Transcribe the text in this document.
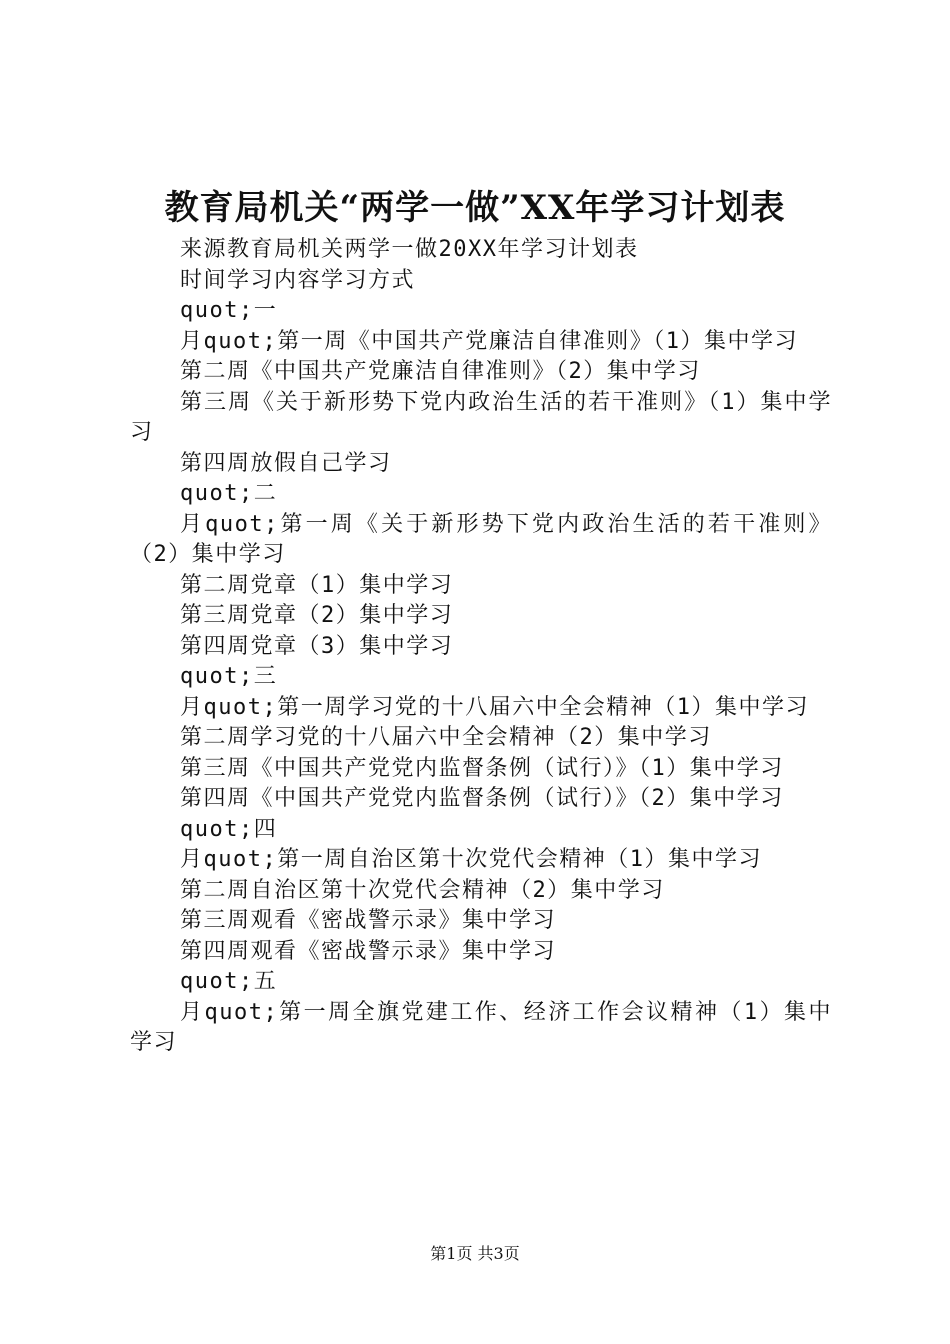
教育局机关“两学一做”XX年学习计划表

来源教育局机关两学一做20XX年学习计划表

时间学习内容学习方式

quot;一

月quot;第一周《中国共产党廉洁自律准则》（1）集中学习

第二周《中国共产党廉洁自律准则》（2）集中学习

第三周《关于新形势下党内政治生活的若干准则》（1）集中学习

第四周放假自己学习

quot;二

月quot;第一周《关于新形势下党内政治生活的若干准则》（2）集中学习

第二周党章（1）集中学习

第三周党章（2）集中学习

第四周党章（3）集中学习

quot;三

月quot;第一周学习党的十八届六中全会精神（1）集中学习

第二周学习党的十八届六中全会精神（2）集中学习

第三周《中国共产党党内监督条例（试行）》（1）集中学习

第四周《中国共产党党内监督条例（试行）》（2）集中学习

quot;四

月quot;第一周自治区第十次党代会精神（1）集中学习

第二周自治区第十次党代会精神（2）集中学习

第三周观看《密战警示录》集中学习

第四周观看《密战警示录》集中学习

quot;五

月quot;第一周全旗党建工作、经济工作会议精神（1）集中学习

第1页 共3页
